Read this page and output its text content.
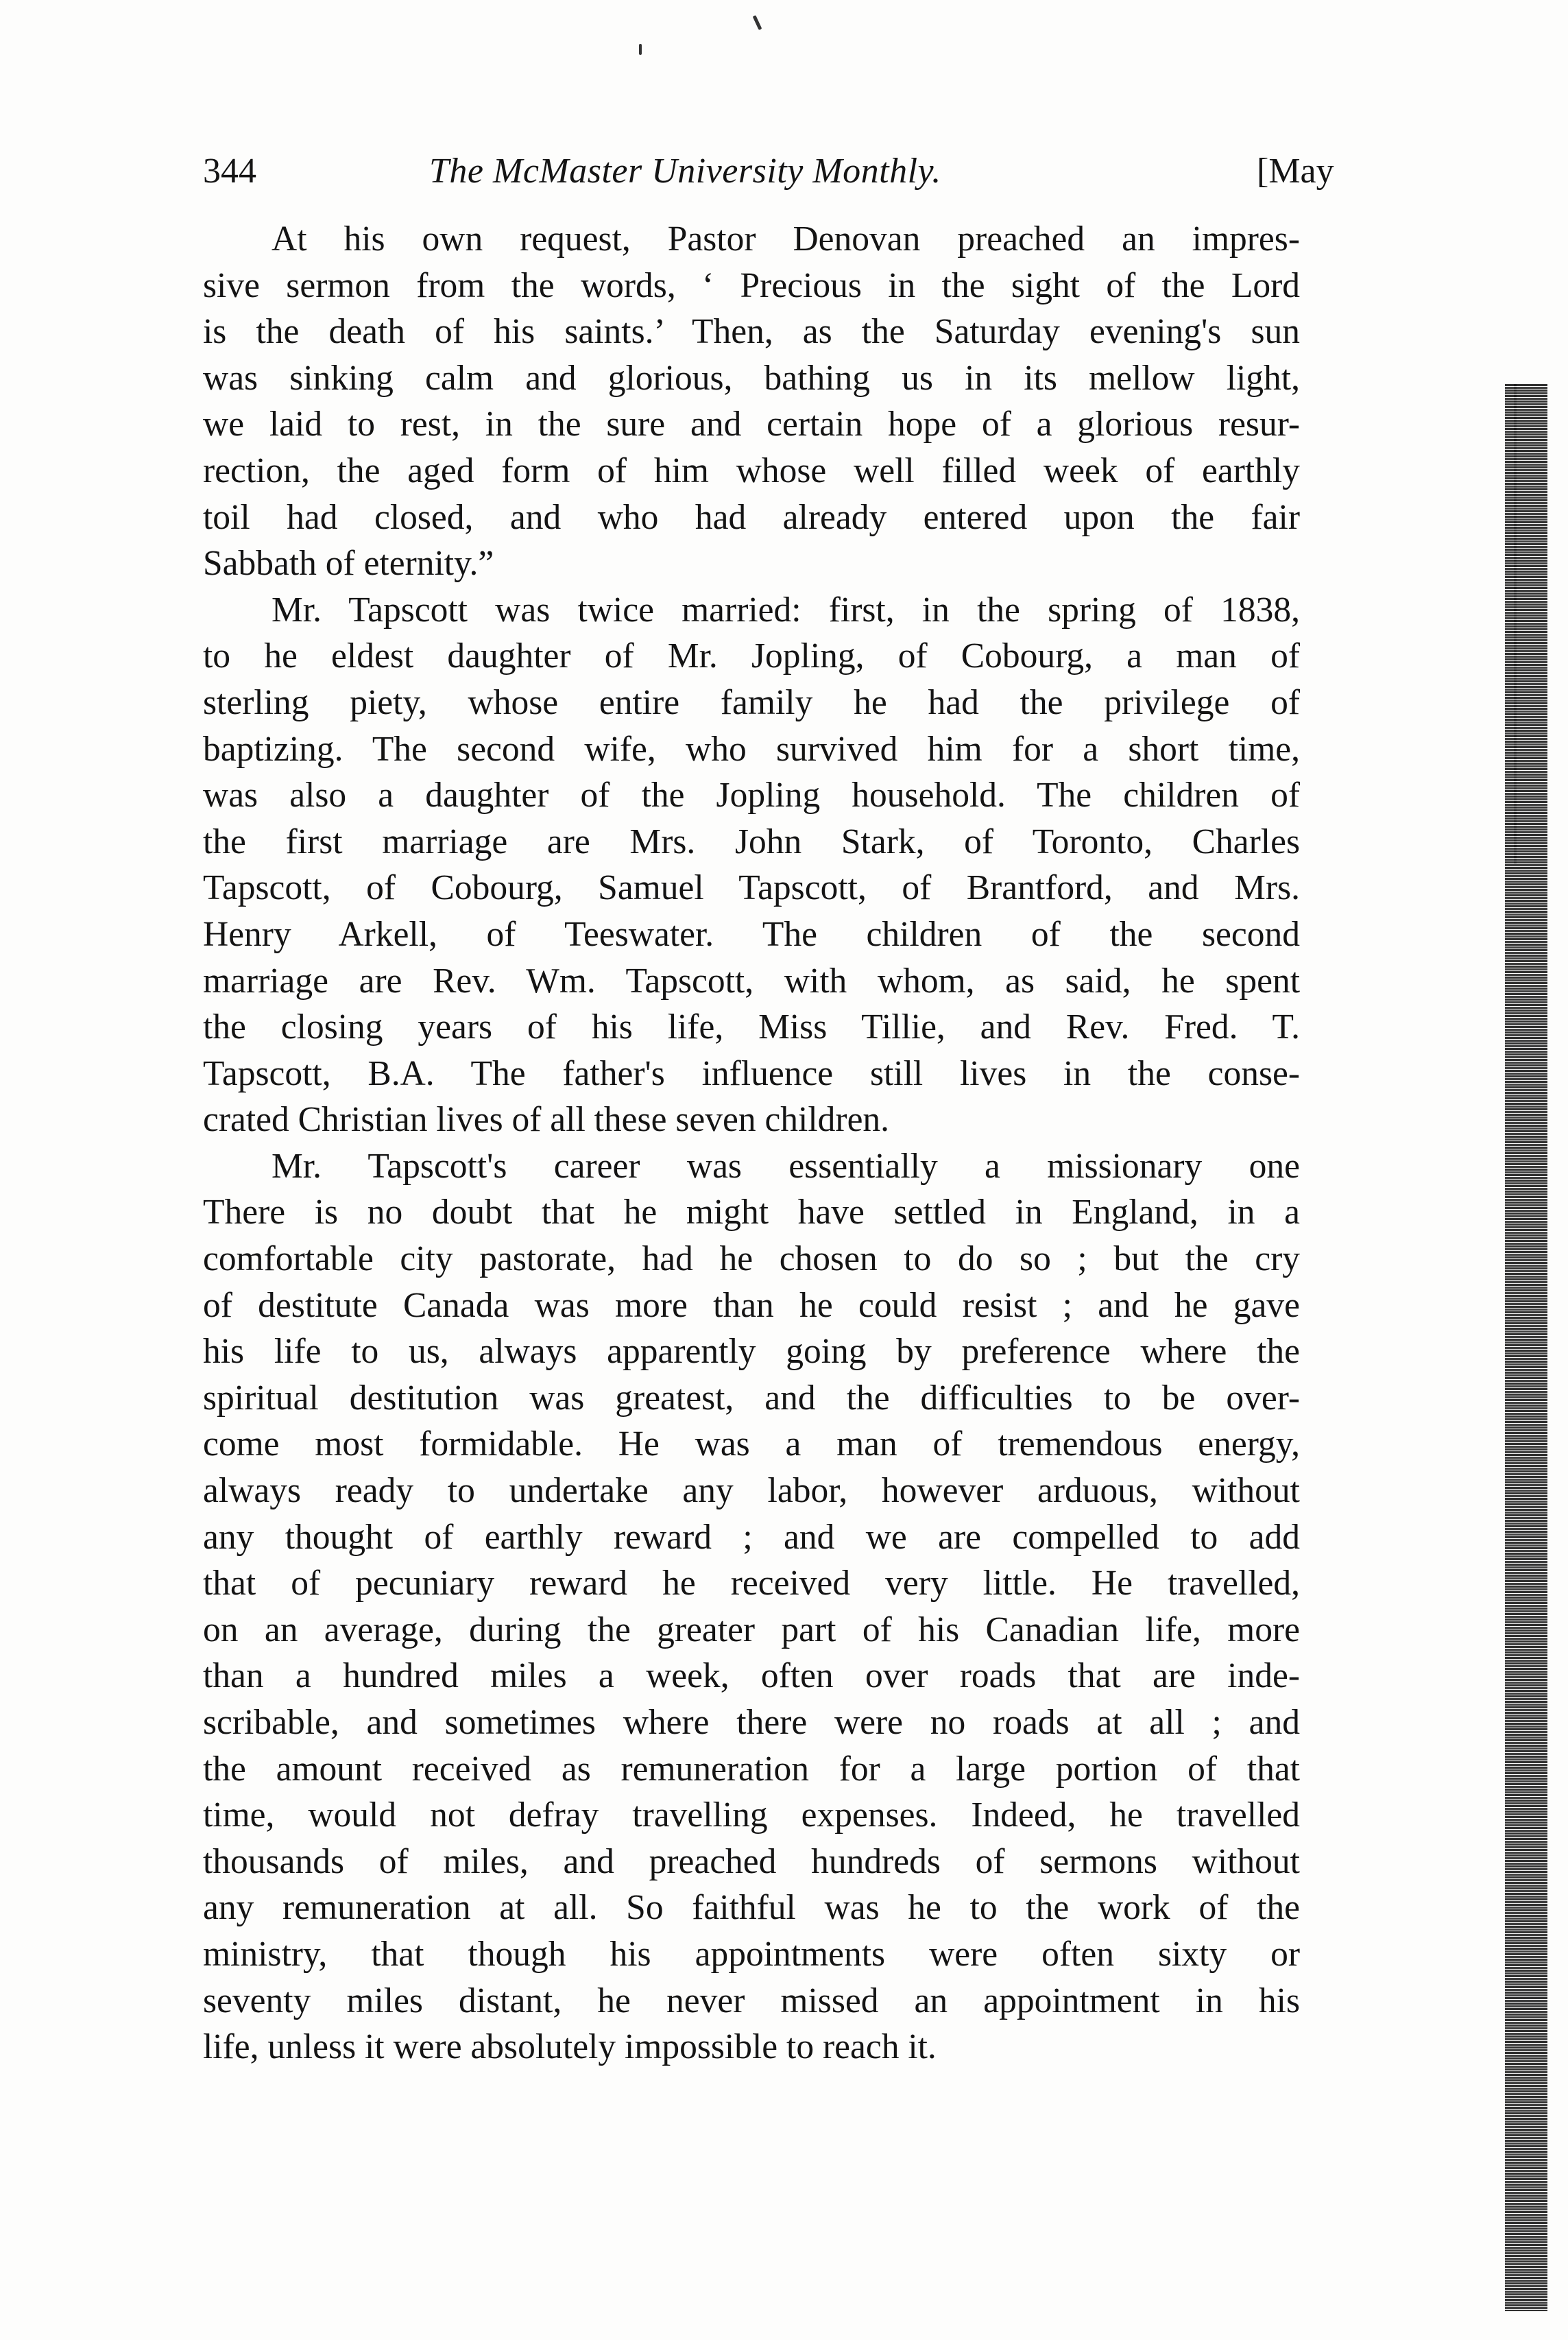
344	The McMaster University Monthly.	[May
At his own request, Pastor Denovan preached an impres-
sive sermon from the words, ‘ Precious in the sight of the Lord
is the death of his saints.’ Then, as the Saturday evening's sun
was sinking calm and glorious, bathing us in its mellow light,
we laid to rest, in the sure and certain hope of a glorious resur-
rection, the aged form of him whose well filled week of earthly
toil had closed, and who had already entered upon the fair
Sabbath of eternity.”
Mr. Tapscott was twice married: first, in the spring of 1838,
to he eldest daughter of Mr. Jopling, of Cobourg, a man of
sterling piety, whose entire family he had the privilege of
baptizing. The second wife, who survived him for a short time,
was also a daughter of the Jopling household. The children of
the first marriage are Mrs. John Stark, of Toronto, Charles
Tapscott, of Cobourg, Samuel Tapscott, of Brantford, and Mrs.
Henry Arkell, of Teeswater. The children of the second
marriage are Rev. Wm. Tapscott, with whom, as said, he spent
the closing years of his life, Miss Tillie, and Rev. Fred. T.
Tapscott, B.A. The father's influence still lives in the conse-
crated Christian lives of all these seven children.
Mr. Tapscott's career was essentially a missionary one
There is no doubt that he might have settled in England, in a
comfortable city pastorate, had he chosen to do so ; but the cry
of destitute Canada was more than he could resist ; and he gave
his life to us, always apparently going by preference where the
spiritual destitution was greatest, and the difficulties to be over-
come most formidable. He was a man of tremendous energy,
always ready to undertake any labor, however arduous, without
any thought of earthly reward ; and we are compelled to add
that of pecuniary reward he received very little. He travelled,
on an average, during the greater part of his Canadian life, more
than a hundred miles a week, often over roads that are inde-
scribable, and sometimes where there were no roads at all ; and
the amount received as remuneration for a large portion of that
time, would not defray travelling expenses. Indeed, he travelled
thousands of miles, and preached hundreds of sermons without
any remuneration at all. So faithful was he to the work of the
ministry, that though his appointments were often sixty or
seventy miles distant, he never missed an appointment in his
life, unless it were absolutely impossible to reach it.
